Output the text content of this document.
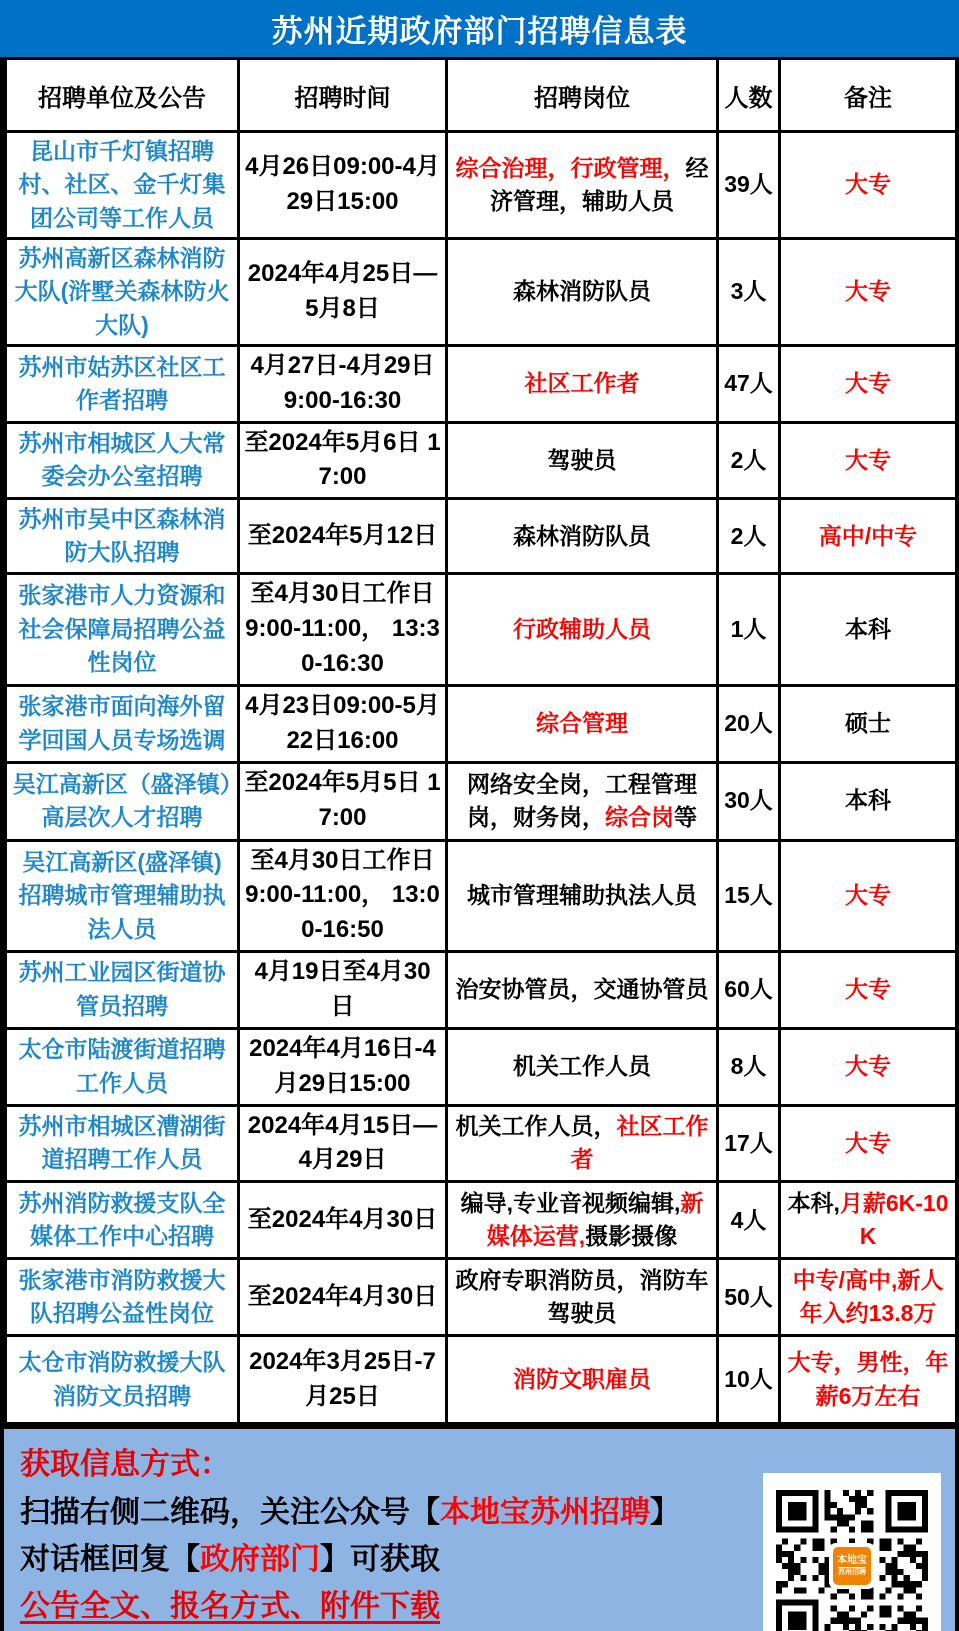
苏州近期政府部门招聘信息表
招聘单位及公告	招聘时间	招聘岗位	人数	备注
昆山市千灯镇招聘村、社区、金千灯集团公司等工作人员	4月26日09:00-4月29日15:00	综合治理，行政管理，经济管理，辅助人员	39人	大专
苏州高新区森林消防大队(浒墅关森林防火大队)	2024年4月25日—5月8日	森林消防队员	3人	大专
苏州市姑苏区社区工作者招聘	4月27日-4月29日 9:00-16:30	社区工作者	47人	大专
苏州市相城区人大常委会办公室招聘	至2024年5月6日 17:00	驾驶员	2人	大专
苏州市吴中区森林消防大队招聘	至2024年5月12日	森林消防队员	2人	高中/中专
张家港市人力资源和社会保障局招聘公益性岗位	至4月30日工作日 9:00-11:00， 13:30-16:30	行政辅助人员	1人	本科
张家港市面向海外留学回国人员专场选调	4月23日09:00-5月22日16:00	综合管理	20人	硕士
吴江高新区（盛泽镇）高层次人才招聘	至2024年5月5日 17:00	网络安全岗，工程管理岗，财务岗，综合岗等	30人	本科
吴江高新区(盛泽镇)招聘城市管理辅助执法人员	至4月30日工作日 9:00-11:00， 13:00-16:50	城市管理辅助执法人员	15人	大专
苏州工业园区街道协管员招聘	4月19日至4月30日	治安协管员，交通协管员	60人	大专
太仓市陆渡街道招聘工作人员	2024年4月16日-4月29日15:00	机关工作人员	8人	大专
苏州市相城区漕湖街道招聘工作人员	2024年4月15日—4月29日	机关工作人员，社区工作者	17人	大专
苏州消防救援支队全媒体工作中心招聘	至2024年4月30日	编导,专业音视频编辑,新媒体运营,摄影摄像	4人	本科,月薪6K-10K
张家港市消防救援大队招聘公益性岗位	至2024年4月30日	政府专职消防员，消防车驾驶员	50人	中专/高中,新人年入约13.8万
太仓市消防救援大队消防文员招聘	2024年3月25日-7月25日	消防文职雇员	10人	大专，男性，年薪6万左右
获取信息方式：
扫描右侧二维码，关注公众号【本地宝苏州招聘】
对话框回复【政府部门】可获取
公告全文、报名方式、附件下载
本地宝
苏州招聘
